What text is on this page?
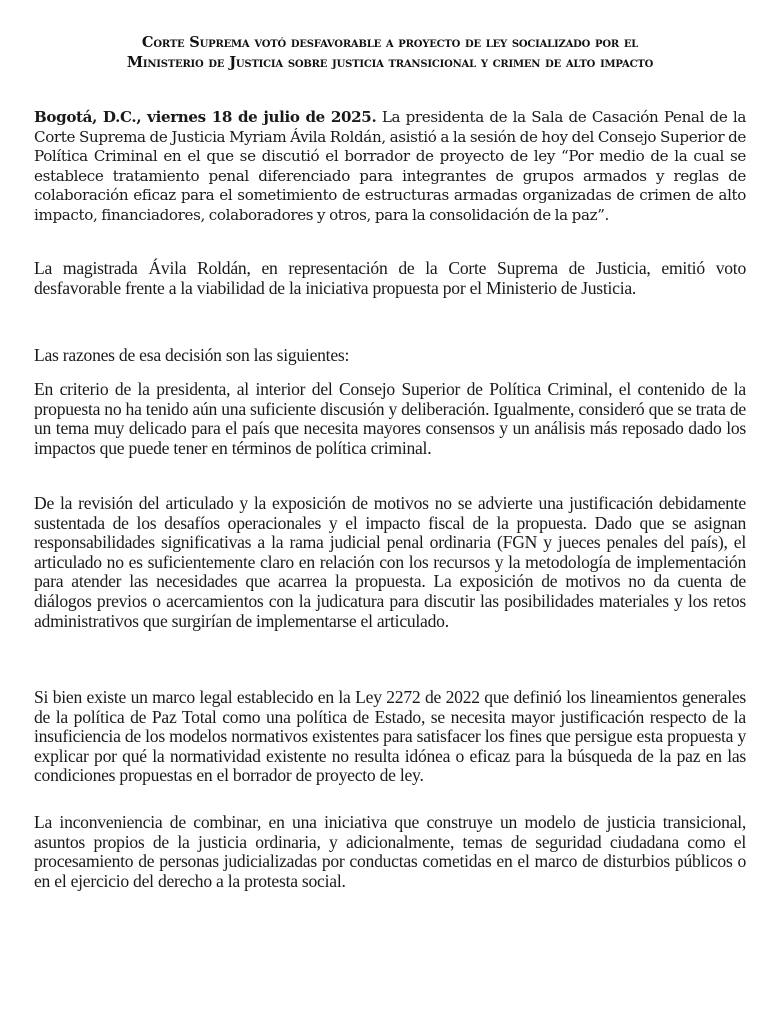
Corte Suprema votó desfavorable a proyecto de ley socializado por el
Ministerio de Justicia sobre justicia transicional y crimen de alto impacto

Bogotá, D.C., viernes 18 de julio de 2025. La presidenta de la Sala de Casación Penal de la Corte Suprema de Justicia Myriam Ávila Roldán, asistió a la sesión de hoy del Consejo Superior de Política Criminal en el que se discutió el borrador de proyecto de ley “Por medio de la cual se establece tratamiento penal diferenciado para integrantes de grupos armados y reglas de colaboración eficaz para el sometimiento de estructuras armadas organizadas de crimen de alto impacto, financiadores, colaboradores y otros, para la consolidación de la paz”.

La magistrada Ávila Roldán, en representación de la Corte Suprema de Justicia, emitió voto desfavorable frente a la viabilidad de la iniciativa propuesta por el Ministerio de Justicia.

Las razones de esa decisión son las siguientes:

En criterio de la presidenta, al interior del Consejo Superior de Política Criminal, el contenido de la propuesta no ha tenido aún una suficiente discusión y deliberación. Igualmente, consideró que se trata de un tema muy delicado para el país que necesita mayores consensos y un análisis más reposado dado los impactos que puede tener en términos de política criminal.

De la revisión del articulado y la exposición de motivos no se advierte una justificación debidamente sustentada de los desafíos operacionales y el impacto fiscal de la propuesta. Dado que se asignan responsabilidades significativas a la rama judicial penal ordinaria (FGN y jueces penales del país), el articulado no es suficientemente claro en relación con los recursos y la metodología de implementación para atender las necesidades que acarrea la propuesta. La exposición de motivos no da cuenta de diálogos previos o acercamientos con la judicatura para discutir las posibilidades materiales y los retos administrativos que surgirían de implementarse el articulado.

Si bien existe un marco legal establecido en la Ley 2272 de 2022 que definió los lineamientos generales de la política de Paz Total como una política de Estado, se necesita mayor justificación respecto de la insuficiencia de los modelos normativos existentes para satisfacer los fines que persigue esta propuesta y explicar por qué la normatividad existente no resulta idónea o eficaz para la búsqueda de la paz en las condiciones propuestas en el borrador de proyecto de ley.

La inconveniencia de combinar, en una iniciativa que construye un modelo de justicia transicional, asuntos propios de la justicia ordinaria, y adicionalmente, temas de seguridad ciudadana como el procesamiento de personas judicializadas por conductas cometidas en el marco de disturbios públicos o en el ejercicio del derecho a la protesta social.
